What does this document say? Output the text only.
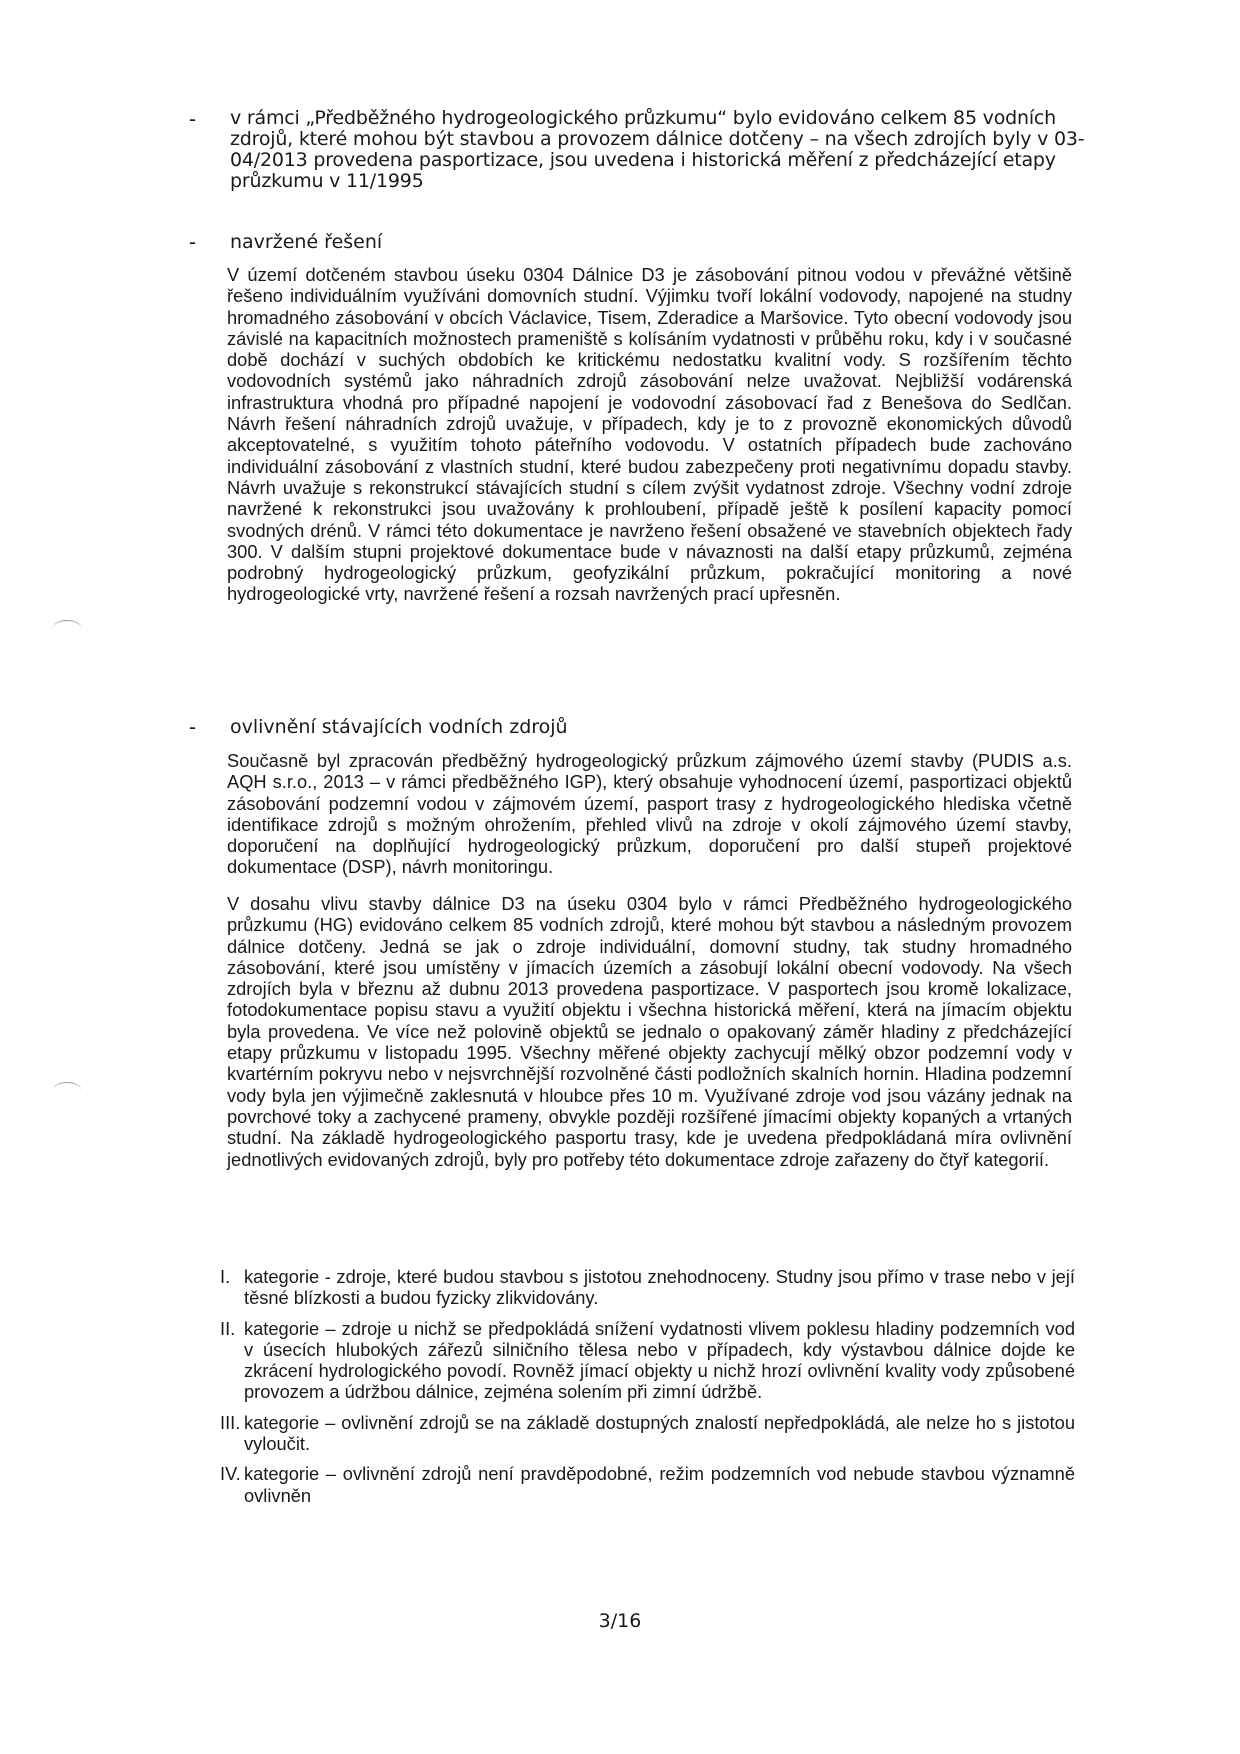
- v rámci „Předběžného hydrogeologického průzkumu“ bylo evidováno celkem 85 vodních zdrojů, které mohou být stavbou a provozem dálnice dotčeny – na všech zdrojích byly v 03-04/2013 provedena pasportizace, jsou uvedena i historická měření z předcházející etapy průzkumu v 11/1995
- navržené řešení

V území dotčeném stavbou úseku 0304 Dálnice D3 je zásobování pitnou vodou v převážné většině řešeno individuálním využíváni domovních studní. Výjimku tvoří lokální vodovody, napojené na studny hromadného zásobování v obcích Václavice, Tisem, Zderadice a Maršovice. Tyto obecní vodovody jsou závislé na kapacitních možnostech prameniště s kolísáním vydatnosti v průběhu roku, kdy i v současné době dochází v suchých obdobích ke kritickému nedostatku kvalitní vody. S rozšířením těchto vodovodních systémů jako náhradních zdrojů zásobování nelze uvažovat. Nejbližší vodárenská infrastruktura vhodná pro případné napojení je vodovodní zásobovací řad z Benešova do Sedlčan. Návrh řešení náhradních zdrojů uvažuje, v případech, kdy je to z provozně ekonomických důvodů akceptovatelné, s využitím tohoto páteřního vodovodu. V ostatních případech bude zachováno individuální zásobování z vlastních studní, které budou zabezpečeny proti negativnímu dopadu stavby. Návrh uvažuje s rekonstrukcí stávajících studní s cílem zvýšit vydatnost zdroje. Všechny vodní zdroje navržené k rekonstrukci jsou uvažovány k prohloubení, případě ještě k posílení kapacity pomocí svodných drénů. V rámci této dokumentace je navrženo řešení obsažené ve stavebních objektech řady 300. V dalším stupni projektové dokumentace bude v návaznosti na další etapy průzkumů, zejména podrobný hydrogeologický průzkum, geofyzikální průzkum, pokračující monitoring a nové hydrogeologické vrty, navržené řešení a rozsah navržených prací upřesněn.

- ovlivnění stávajících vodních zdrojů

Současně byl zpracován předběžný hydrogeologický průzkum zájmového území stavby (PUDIS a.s. AQH s.r.o., 2013 – v rámci předběžného IGP), který obsahuje vyhodnocení území, pasportizaci objektů zásobování podzemní vodou v zájmovém území, pasport trasy z hydrogeologického hlediska včetně identifikace zdrojů s možným ohrožením, přehled vlivů na zdroje v okolí zájmového území stavby, doporučení na doplňující hydrogeologický průzkum, doporučení pro další stupeň projektové dokumentace (DSP), návrh monitoringu.

V dosahu vlivu stavby dálnice D3 na úseku 0304 bylo v rámci Předběžného hydrogeologického průzkumu (HG) evidováno celkem 85 vodních zdrojů, které mohou být stavbou a následným provozem dálnice dotčeny. Jedná se jak o zdroje individuální, domovní studny, tak studny hromadného zásobování, které jsou umístěny v jímacích územích a zásobují lokální obecní vodovody. Na všech zdrojích byla v březnu až dubnu 2013 provedena pasportizace. V pasportech jsou kromě lokalizace, fotodokumentace popisu stavu a využití objektu i všechna historická měření, která na jímacím objektu byla provedena. Ve více než polovině objektů se jednalo o opakovaný záměr hladiny z předcházející etapy průzkumu v listopadu 1995. Všechny měřené objekty zachycují mělký obzor podzemní vody v kvartérním pokryvu nebo v nejsvrchnější rozvolněné části podložních skalních hornin. Hladina podzemní vody byla jen výjimečně zaklesnutá v hloubce přes 10 m. Využívané zdroje vod jsou vázány jednak na povrchové toky a zachycené prameny, obvykle později rozšířené jímacími objekty kopaných a vrtaných studní. Na základě hydrogeologického pasportu trasy, kde je uvedena předpokládaná míra ovlivnění jednotlivých evidovaných zdrojů, byly pro potřeby této dokumentace zdroje zařazeny do čtyř kategorií.

I. kategorie - zdroje, které budou stavbou s jistotou znehodnoceny. Studny jsou přímo v trase nebo v její těsné blízkosti a budou fyzicky zlikvidovány.
II. kategorie – zdroje u nichž se předpokládá snížení vydatnosti vlivem poklesu hladiny podzemních vod v úsecích hlubokých zářezů silničního tělesa nebo v případech, kdy výstavbou dálnice dojde ke zkrácení hydrologického povodí. Rovněž jímací objekty u nichž hrozí ovlivnění kvality vody způsobené provozem a údržbou dálnice, zejména solením při zimní údržbě.
III. kategorie – ovlivnění zdrojů se na základě dostupných znalostí nepředpokládá, ale nelze ho s jistotou vyloučit.
IV. kategorie – ovlivnění zdrojů není pravděpodobné, režim podzemních vod nebude stavbou významně ovlivněn
3/16
